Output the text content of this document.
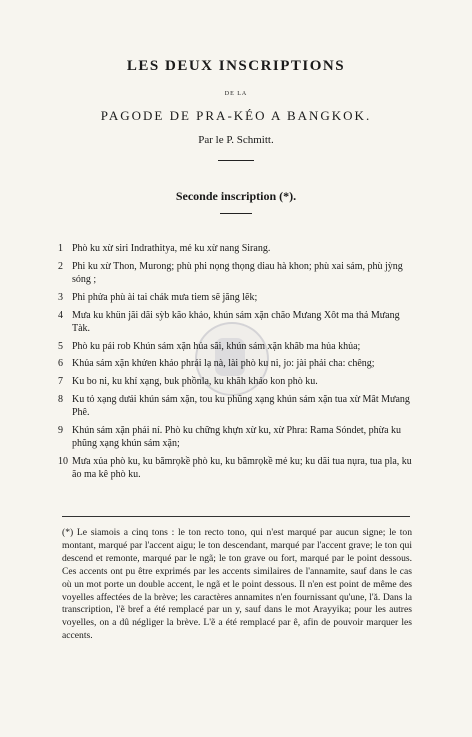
LES DEUX INSCRIPTIONS
DE LA
PAGODE DE PRA-KÉO A BANGKOK.
Par le P. Schmitt.
Seconde inscription (*).
1 Phò ku xừ siri Indrathitya, mẻ ku xừ nang Sirang.
2 Phi ku xừ Thon, Murong; phù phi nọng thọng diau hà khon; phù xai sám, phù jỳng sóng ;
3 Phi phửa phù ài tai chák mưa tiem sẽ jăng lẽk;
4 Mưa ku khün jãi dãi sỳb kão khảo, khún sám xặn chão Mưang Xôt ma thả Mưang Tàk.
5 Phò ku pái rob Khún sám xặn hủa sãi, khún sám xặn khãb ma hủa khủa;
6 Khủa sám xặn khửen khảo phrải lạ nà, lài phò ku ni, jo: jài phải cha: chêng;
7 Ku bo ni, ku khỉ xạng, buk phồnla, ku khãh khảo kon phò ku.
8 Ku tỏ xạng dưải khún sám xặn, tou ku phũng xạng khún sám xặn tua xừ Mât Mưang Phê.
9 Khún sám xặn phải ní. Phò ku chững khựn xừ ku, xừ Phra: Rama Sóndet, phừa ku phũng xạng khún sám xặn;
10 Mưa xủa phò ku, ku bămrọkề phò ku, ku bămrọkề mẻ ku; ku dãi tua nụra, tua pla, ku ão ma kê phò ku.
(*) Le siamois a cinq tons : le ton recto tono, qui n'est marqué par aucun signe; le ton montant, marqué par l'accent aigu; le ton descendant, marqué par l'accent grave; le ton qui descend et remonte, marqué par le ngã; le ton grave ou fort, marqué par le point dessous. Ces accents ont pu être exprimés par les accents similaires de l'annamite, sauf dans le cas où un mot porte un double accent, le ngã et le point dessous. Il n'en est point de même des voyelles affectées de la brève; les caractères annamites n'en fournissant qu'une, l'ă. Dans la transcription, l'ẽ bref a été remplacé par un y, sauf dans le mot Arayyika; pour les autres voyelles, on a dû négliger la brève. L'ẽ a été remplacé par ê, afin de pouvoir marquer les accents.
